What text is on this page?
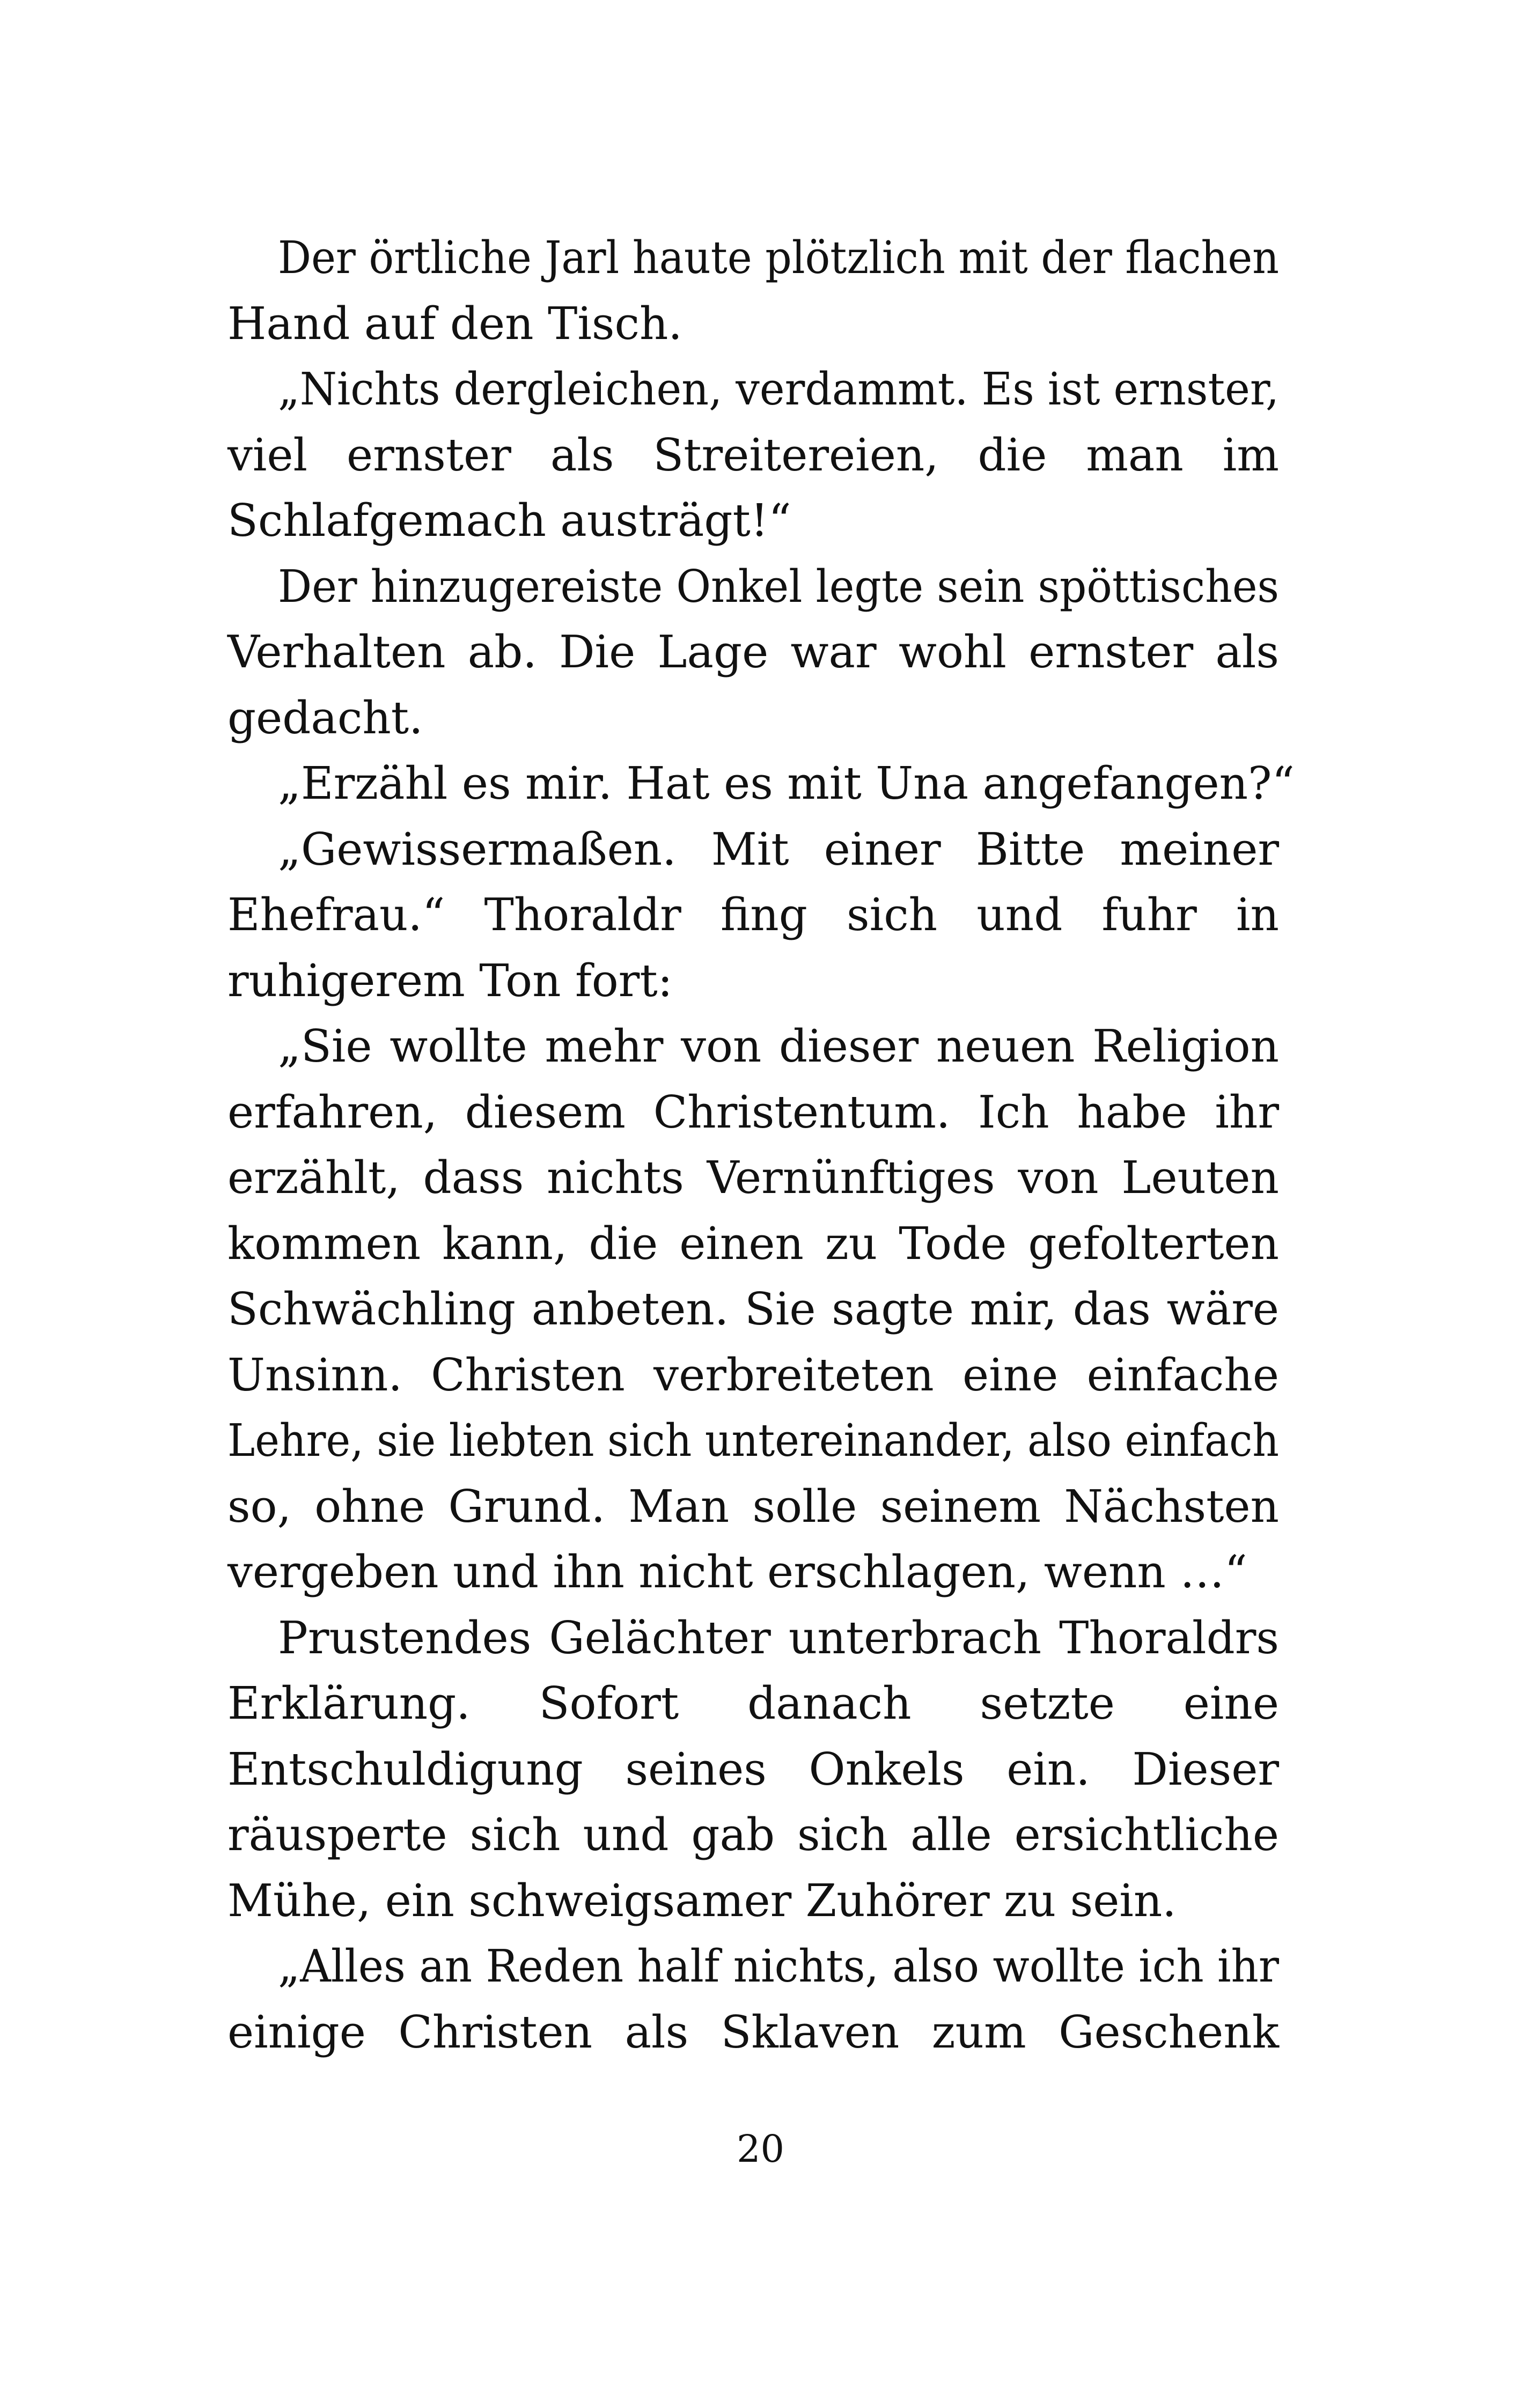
Der örtliche Jarl haute plötzlich mit der flachen
Hand auf den Tisch.
„Nichts dergleichen, verdammt. Es ist ernster,
viel ernster als Streitereien, die man im
Schlafgemach austrägt!“
Der hinzugereiste Onkel legte sein spöttisches
Verhalten ab. Die Lage war wohl ernster als
gedacht.
„Erzähl es mir. Hat es mit Una angefangen?“
„Gewissermaßen. Mit einer Bitte meiner
Ehefrau.“ Thoraldr fing sich und fuhr in
ruhigerem Ton fort:
„Sie wollte mehr von dieser neuen Religion
erfahren, diesem Christentum. Ich habe ihr
erzählt, dass nichts Vernünftiges von Leuten
kommen kann, die einen zu Tode gefolterten
Schwächling anbeten. Sie sagte mir, das wäre
Unsinn. Christen verbreiteten eine einfache
Lehre, sie liebten sich untereinander, also einfach
so, ohne Grund. Man solle seinem Nächsten
vergeben und ihn nicht erschlagen, wenn …“
Prustendes Gelächter unterbrach Thoraldrs
Erklärung. Sofort danach setzte eine
Entschuldigung seines Onkels ein. Dieser
räusperte sich und gab sich alle ersichtliche
Mühe, ein schweigsamer Zuhörer zu sein.
„Alles an Reden half nichts, also wollte ich ihr
einige Christen als Sklaven zum Geschenk
20
